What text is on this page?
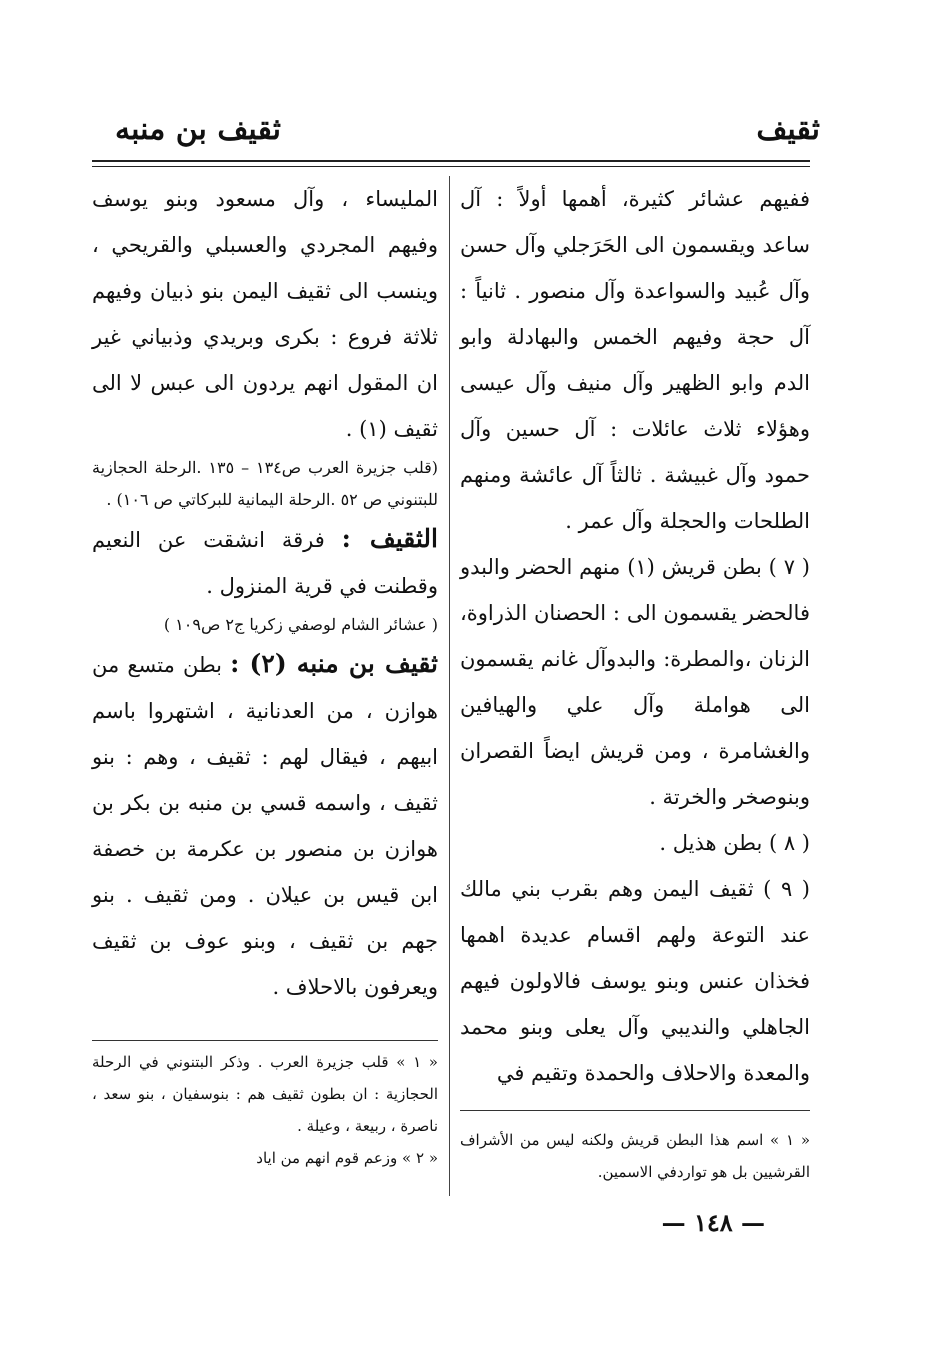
ثقيف
ثقيف بن منبه

ففيهم عشائر كثيرة، أهمها أولاً : آل ساعد ويقسمون الى الحَرَجلي وآل حسن وآل عُبيد والسواعدة وآل منصور . ثانياً : آل حجة وفيهم الخمس والبهادلة وابو الدم وابو الظهير وآل منيف وآل عيسى وهؤلاء ثلاث عائلات : آل حسين وآل حمود وآل غبيشة . ثالثاً آل عائشة ومنهم الطلحات والحجلة وآل عمر .

( ٧ ) بطن قريش (١) منهم الحضر والبدو فالحضر يقسمون الى : الحصنان الذراوة، الزنان ،والمطرة: والبدوآل غانم يقسمون الى هواملة وآل علي والهيافين والغشامرة ، ومن قريش ايضاً القصران وبنوصخر والخرتة .

( ٨ ) بطن هذيل .

( ٩ ) ثقيف اليمن وهم بقرب بني مالك عند التوعة ولهم اقسام عديدة اهمها فخذان عنس وبنو يوسف فالاولون فيهم الجاهلي والنديبي وآل يعلى وبنو محمد والمعدة والاحلاف والحمدة وتقيم في

المليساء ، وآل مسعود وبنو يوسف وفيهم المجردي والعسبلي والقريحي ، وينسب الى ثقيف اليمن بنو ذبيان وفيهم ثلاثة فروع : بكرى وبريدي وذبياني غير ان المقول انهم يردون الى عبس لا الى ثقيف (١) .

(قلب جزيرة العرب ص١٣٤ – ١٣٥ .الرحلة الحجازية للبتنوني ص ٥٢ .الرحلة اليمانية للبركاتي ص ١٠٦) .

الثقيف : فرقة انشقت عن النعيم وقطنت في قرية المنزول .

( عشائر الشام لوصفي زكريا ج٢ ص١٠٩ )

ثقيف بن منبه (٢) : بطن متسع من هوازن ، من العدنانية ، اشتهروا باسم ابيهم ، فيقال لهم : ثقيف ، وهم : بنو ثقيف ، واسمه قسي بن منبه بن بكر بن هوازن بن منصور بن عكرمة بن خصفة ابن قيس بن عيلان . ومن ثقيف . بنو جهم بن ثقيف ، وبنو عوف بن ثقيف ويعرفون بالاحلاف .

« ١ » قلب جزيرة العرب . وذكر البتنوني في الرحلة الحجازية : ان بطون ثقيف هم : بنوسفيان ، بنو سعد ، ناصرة ، ربيعة ، وعيلة .

« ٢ » وزعم قوم انهم من اياد

« ١ » اسم هذا البطن قريش ولكنه ليس من الأشراف القرشيين بل هو تواردفي الاسمين.

— ١٤٨ —
